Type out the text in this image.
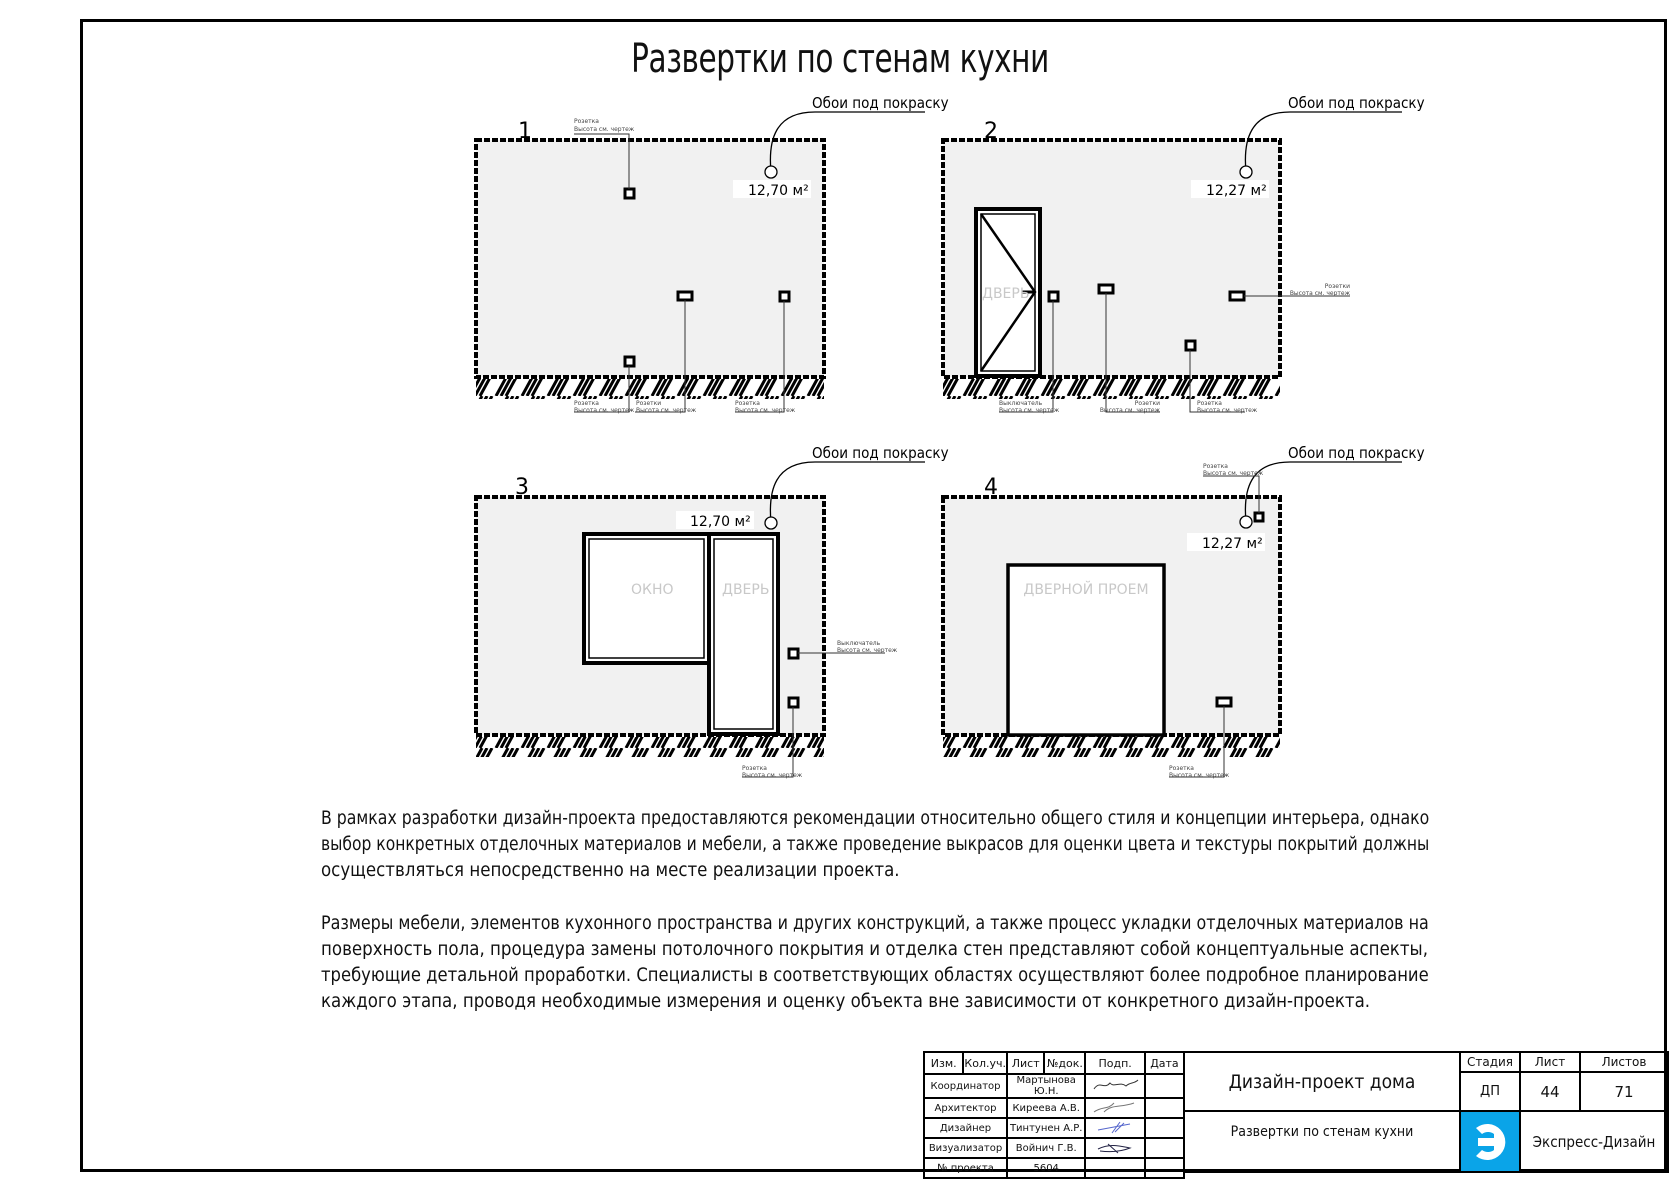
Развертки по стенам кухни
1
Обои под покраску
12,70 м²
Розетка
Высота см. чертеж
Розетка
Высота см. чертеж
Розетки
Высота см. чертеж
Розетка
Высота см. чертеж
2
Обои под покраску
12,27 м²
ДВЕРЬ
Выключатель
Высота см. чертеж
Розетки
Высота см. чертеж
Розетка
Высота см. чертеж
Розетки
Высота см. чертеж
3
Обои под покраску
12,70 м²
ОКНО	ДВЕРЬ
Выключатель
Высота см. чертеж
Розетка
Высота см. чертеж
4
Обои под покраску
12,27 м²
Розетка
Высота см. чертеж
ДВЕРНОЙ ПРОЕМ
Розетка
Высота см. чертеж
В рамках разработки дизайн-проекта предоставляются рекомендации относительно общего стиля и концепции интерьера, однако
выбор конкретных отделочных материалов и мебели, а также проведение выкрасов для оценки цвета и текстуры покрытий должны
осуществляться непосредственно на месте реализации проекта.
Размеры мебели, элементов кухонного пространства и других конструкций, а также процесс укладки отделочных материалов на
поверхность пола, процедура замены потолочного покрытия и отделка стен представляют собой концептуальные аспекты,
требующие детальной проработки. Специалисты в соответствующих областях осуществляют более подробное планирование
каждого этапа, проводя необходимые измерения и оценку объекта вне зависимости от конкретного дизайн-проекта.
Изм.	Кол.уч.	Лист	№док.	Подп.	Дата
Координатор		Мартынова Ю.Н.		
Архитектор		Киреева А.В.		
Дизайнер		Тинтунен А.Р.		
Визуализатор		Войнич Г.В.		
№ проекта		5604			
Дизайн-проект дома
Развертки по стенам кухни
Стадия Лист	Листов
ДП	44	71
Экспресс-Дизайн
